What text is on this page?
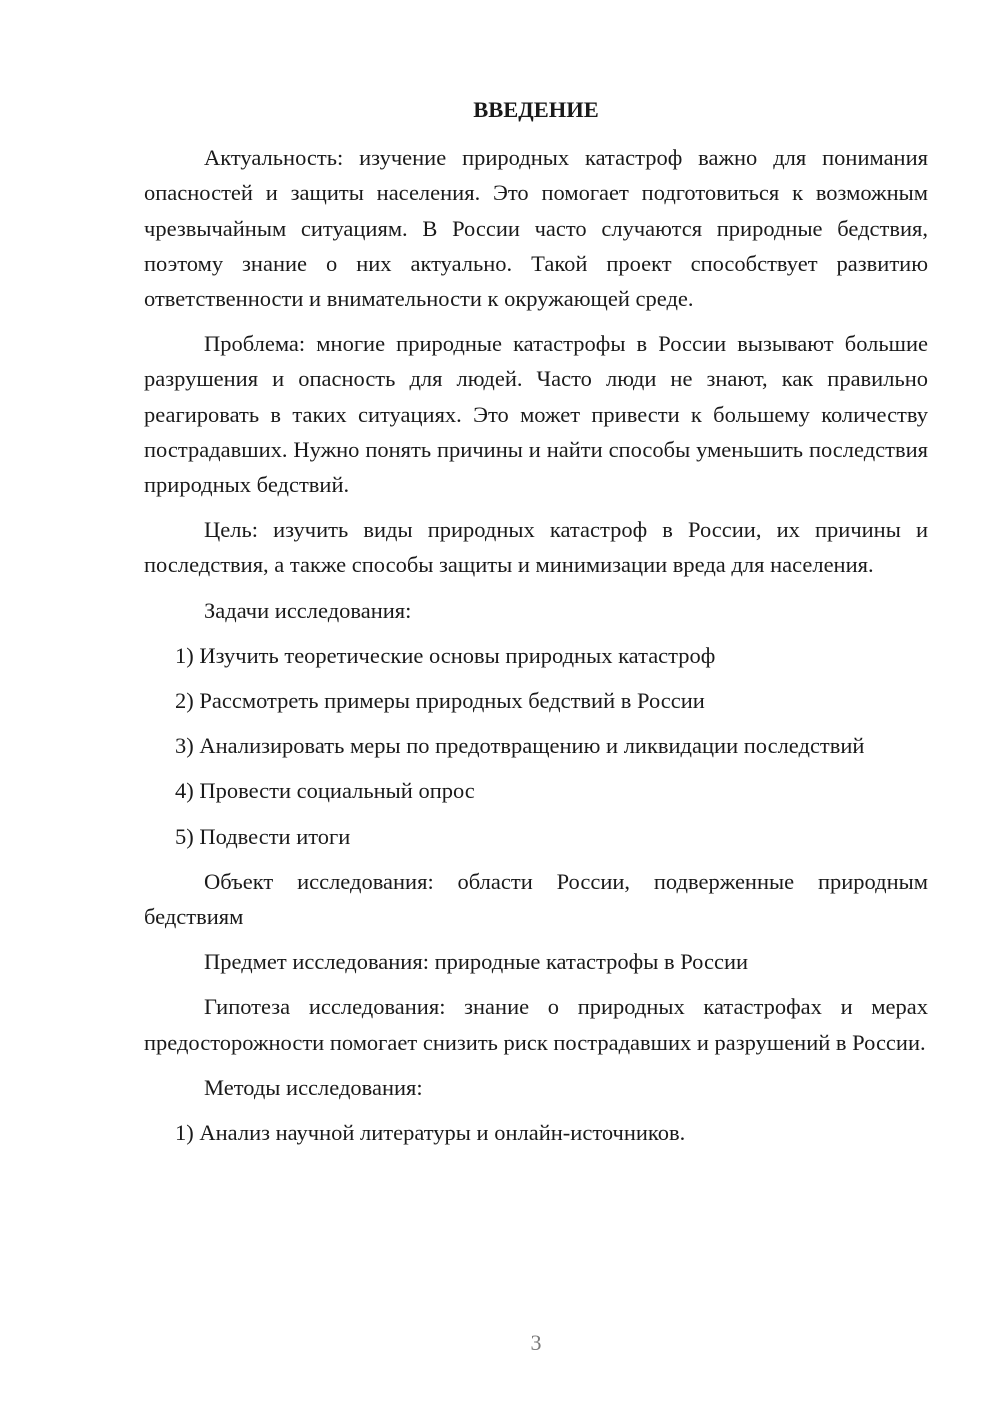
ВВЕДЕНИЕ

Актуальность: изучение природных катастроф важно для понимания опасностей и защиты населения. Это помогает подготовиться к возможным чрезвычайным ситуациям. В России часто случаются природные бедствия, поэтому знание о них актуально. Такой проект способствует развитию ответственности и внимательности к окружающей среде.

Проблема: многие природные катастрофы в России вызывают большие разрушения и опасность для людей. Часто люди не знают, как правильно реагировать в таких ситуациях. Это может привести к большему количеству пострадавших. Нужно понять причины и найти способы уменьшить последствия природных бедствий.

Цель: изучить виды природных катастроф в России, их причины и последствия, а также способы защиты и минимизации вреда для населения.

Задачи исследования:

1) Изучить теоретические основы природных катастроф

2) Рассмотреть примеры природных бедствий в России

3) Анализировать меры по предотвращению и ликвидации последствий

4) Провести социальный опрос

5) Подвести итоги

Объект исследования: области России, подверженные природным бедствиям

Предмет исследования: природные катастрофы в России

Гипотеза исследования: знание о природных катастрофах и мерах предосторожности помогает снизить риск пострадавших и разрушений в России.

Методы исследования:

1) Анализ научной литературы и онлайн-источников.

3
